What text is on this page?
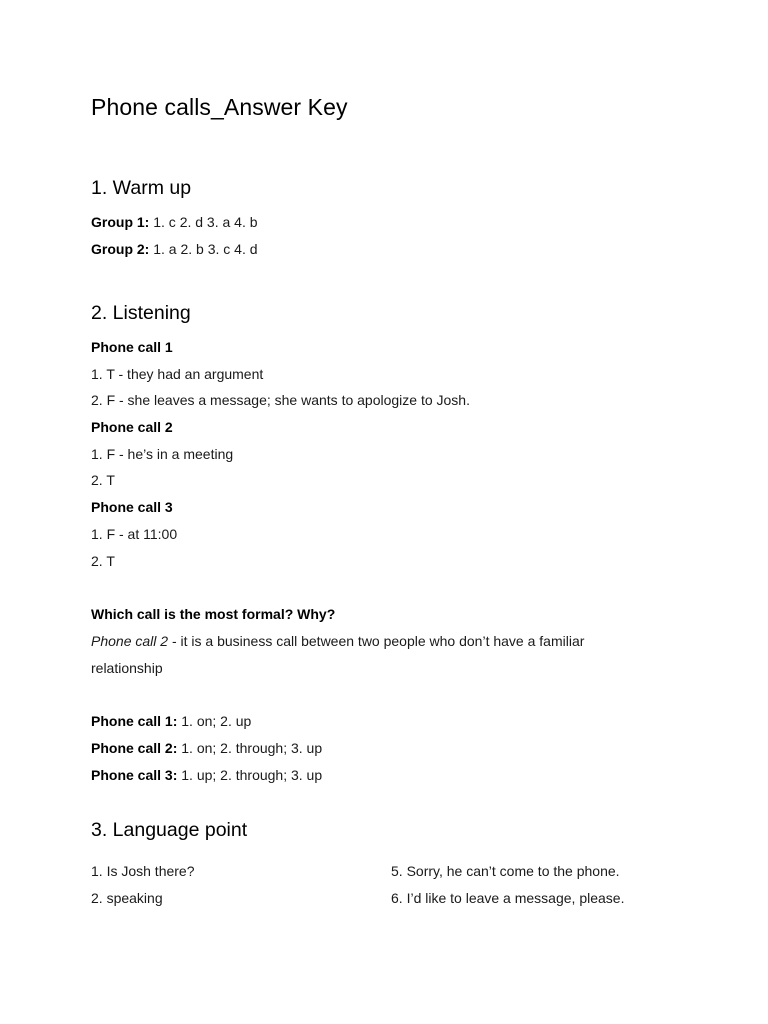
Phone calls_Answer Key
1. Warm up
Group 1: 1. c 2. d 3. a 4. b
Group 2: 1. a 2. b 3. c 4. d
2. Listening
Phone call 1
1. T - they had an argument
2. F - she leaves a message; she wants to apologize to Josh.
Phone call 2
1. F - he’s in a meeting
2. T
Phone call 3
1. F - at 11:00
2. T
Which call is the most formal? Why?
Phone call 2 - it is a business call between two people who don’t have a familiar
relationship
Phone call 1: 1. on; 2. up
Phone call 2: 1. on; 2. through; 3. up
Phone call 3: 1. up; 2. through; 3. up
3. Language point
1. Is Josh there?
2. speaking
5. Sorry, he can’t come to the phone.
6. I’d like to leave a message, please.
